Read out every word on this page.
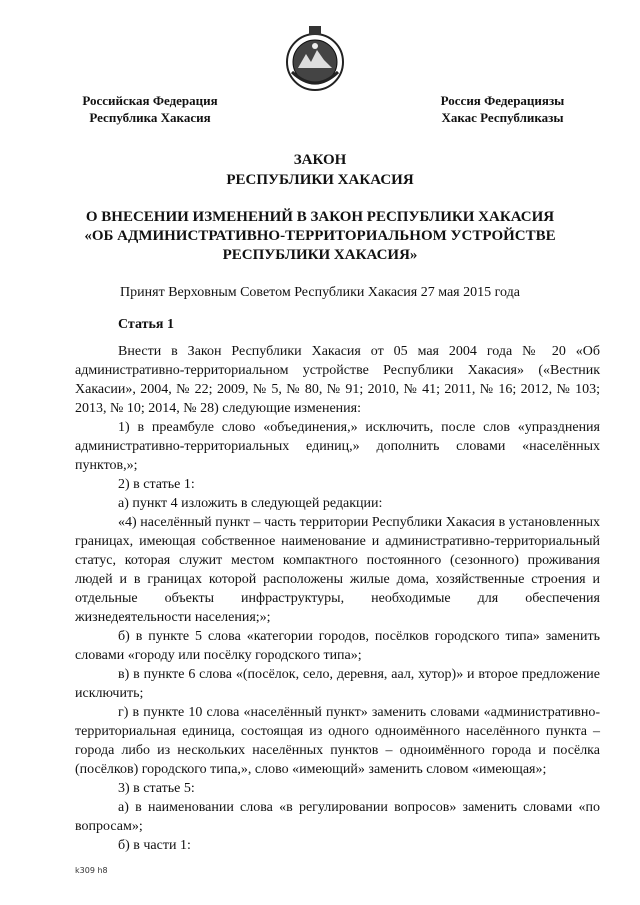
Российская Федерация
Республика Хакасия
Россия Федерациязы
Хакас Республиказы
ЗАКОН
РЕСПУБЛИКИ ХАКАСИЯ
О ВНЕСЕНИИ ИЗМЕНЕНИЙ В ЗАКОН РЕСПУБЛИКИ ХАКАСИЯ
«ОБ АДМИНИСТРАТИВНО-ТЕРРИТОРИАЛЬНОМ УСТРОЙСТВЕ
РЕСПУБЛИКИ ХАКАСИЯ»
Принят Верховным Советом Республики Хакасия 27 мая 2015 года
Статья 1

Внести в Закон Республики Хакасия от 05 мая 2004 года № 20 «Об административно-территориальном устройстве Республики Хакасия» («Вестник Хакасии», 2004, № 22; 2009, № 5, № 80, № 91; 2010, № 41; 2011, № 16; 2012, № 103; 2013, № 10; 2014, № 28) следующие изменения:

1) в преамбуле слово «объединения,» исключить, после слов «упразднения административно-территориальных единиц,» дополнить словами «населённых пунктов,»;

2) в статье 1:

а) пункт 4 изложить в следующей редакции:

«4) населённый пункт – часть территории Республики Хакасия в установленных границах, имеющая собственное наименование и административно-территориальный статус, которая служит местом компактного постоянного (сезонного) проживания людей и в границах которой расположены жилые дома, хозяйственные строения и отдельные объекты инфраструктуры, необходимые для обеспечения жизнедеятельности населения;»;

б) в пункте 5 слова «категории городов, посёлков городского типа» заменить словами «городу или посёлку городского типа»;

в) в пункте 6 слова «(посёлок, село, деревня, аал, хутор)» и второе предложение исключить;

г) в пункте 10 слова «населённый пункт» заменить словами «административно-территориальная единица, состоящая из одного одноимённого населённого пункта – города либо из нескольких населённых пунктов – одноимённого города и посёлка (посёлков) городского типа,», слово «имеющий» заменить словом «имеющая»;

3) в статье 5:

а) в наименовании слова «в регулировании вопросов» заменить словами «по вопросам»;

б) в части 1:

k309 h8
